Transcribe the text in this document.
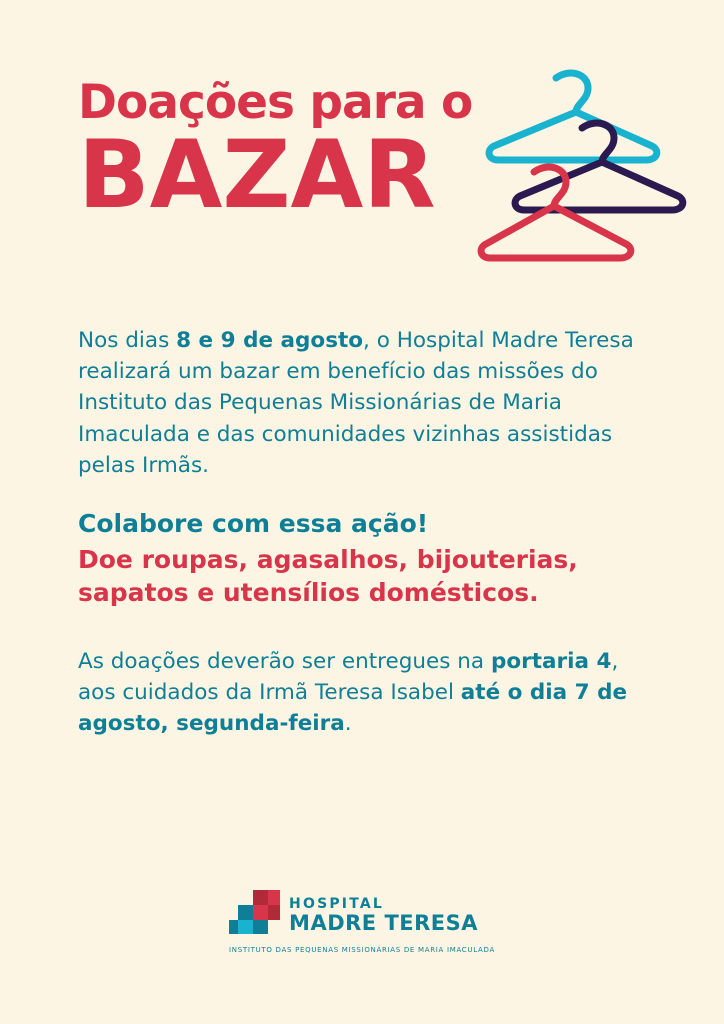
Doações para o
BAZAR

Nos dias 8 e 9 de agosto, o Hospital Madre Teresa realizará um bazar em benefício das missões do Instituto das Pequenas Missionárias de Maria Imaculada e das comunidades vizinhas assistidas pelas Irmãs.

Colabore com essa ação!

Doe roupas, agasalhos, bijouterias,

sapatos e utensílios domésticos.

As doações deverão ser entregues na portaria 4, aos cuidados da Irmã Teresa Isabel até o dia 7 de agosto, segunda-feira.

HOSPITAL
MADRE TERESA
INSTITUTO DAS PEQUENAS MISSIONÁRIAS DE MARIA IMACULADA
